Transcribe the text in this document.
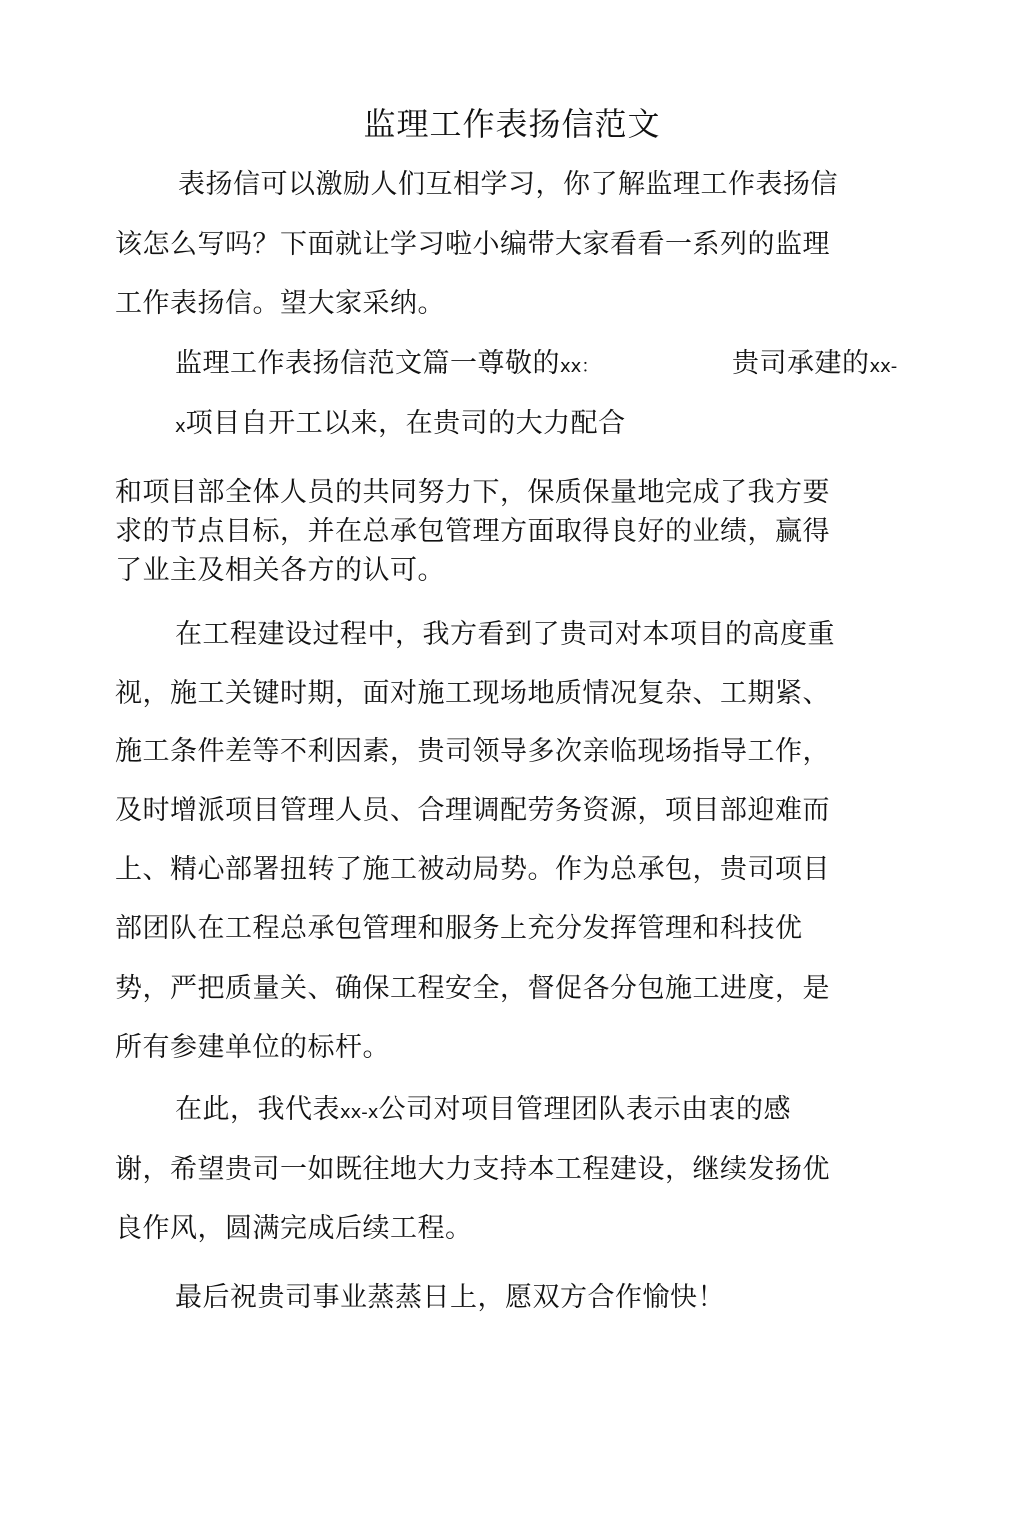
监理工作表扬信范文
表扬信可以激励人们互相学习，你了解监理工作表扬信
该怎么写吗？下面就让学习啦小编带大家看看一系列的监理
工作表扬信。望大家采纳。
监理工作表扬信范文篇一尊敬的xx：	贵司承建的xx-
x项目自开工以来，在贵司的大力配合
和项目部全体人员的共同努力下，保质保量地完成了我方要
求的节点目标，并在总承包管理方面取得良好的业绩，赢得
了业主及相关各方的认可。
在工程建设过程中，我方看到了贵司对本项目的高度重
视，施工关键时期，面对施工现场地质情况复杂、工期紧、
施工条件差等不利因素，贵司领导多次亲临现场指导工作，
及时增派项目管理人员、合理调配劳务资源，项目部迎难而
上、精心部署扭转了施工被动局势。作为总承包，贵司项目
部团队在工程总承包管理和服务上充分发挥管理和科技优
势，严把质量关、确保工程安全，督促各分包施工进度，是
所有参建单位的标杆。
在此，我代表xx-x公司对项目管理团队表示由衷的感
谢，希望贵司一如既往地大力支持本工程建设，继续发扬优
良作风，圆满完成后续工程。
最后祝贵司事业蒸蒸日上，愿双方合作愉快！
